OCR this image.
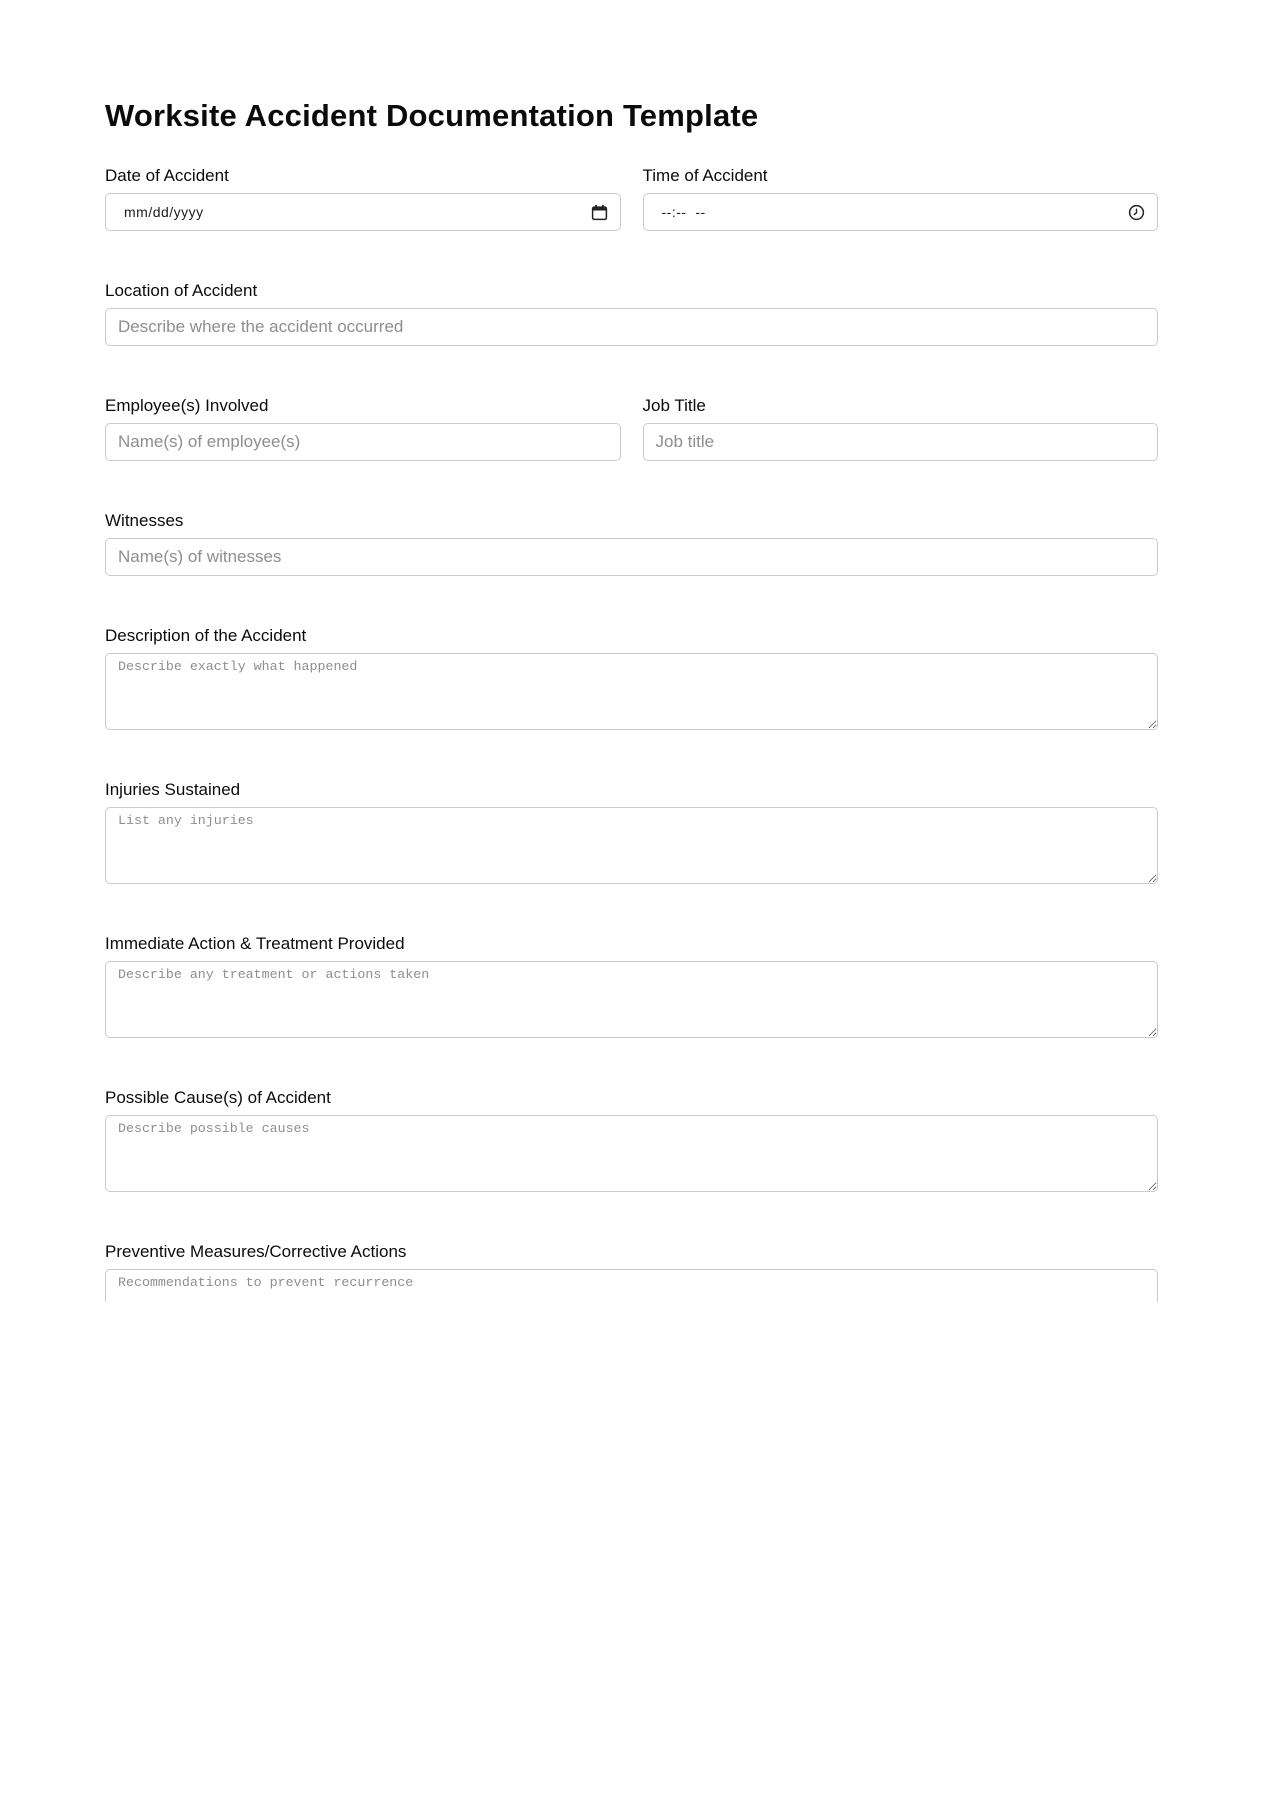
Worksite Accident Documentation Template
Date of Accident
mm/dd/yyyy
Time of Accident
--:--  --
Location of Accident
Describe where the accident occurred
Employee(s) Involved
Name(s) of employee(s)	Job Title
Job title
Witnesses
Name(s) of witnesses
Description of the Accident
Describe exactly what happened
Injuries Sustained
List any injuries
Immediate Action & Treatment Provided
Describe any treatment or actions taken
Possible Cause(s) of Accident
Describe possible causes
Preventive Measures/Corrective Actions
Recommendations to prevent recurrence
